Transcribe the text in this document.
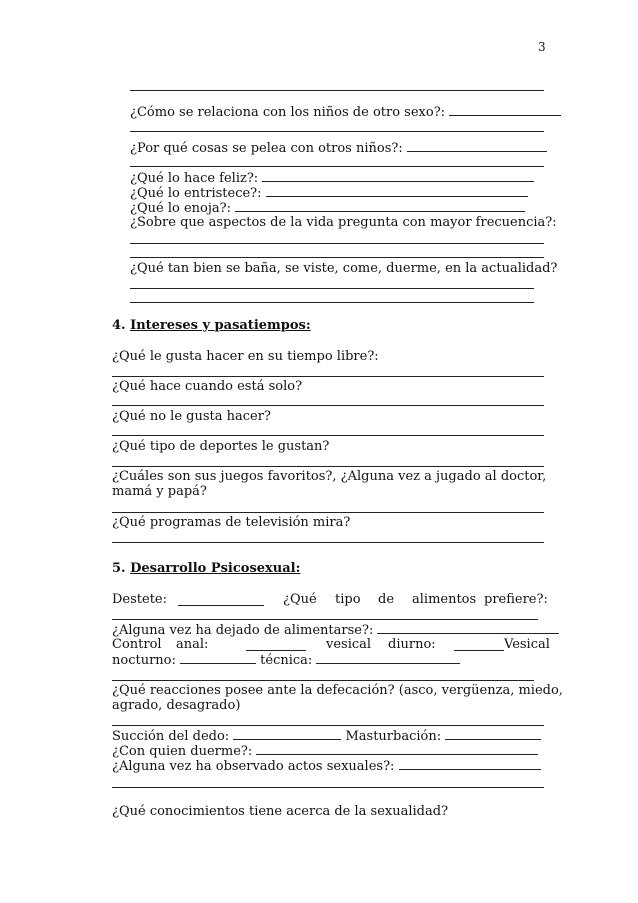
3
¿Cómo se relaciona con los niños de otro sexo?:
¿Por qué cosas se pelea con otros niños?:
¿Qué lo hace feliz?:
¿Qué lo entristece?:
¿Qué lo enoja?:
¿Sobre que aspectos de la vida pregunta con mayor frecuencia?:
¿Qué tan bien se baña, se viste, come, duerme, en la actualidad?
4. Intereses y pasatiempos:
¿Qué le gusta hacer en su tiempo libre?:
¿Qué hace cuando está solo?
¿Qué no le gusta hacer?
¿Qué tipo de deportes le gustan?
¿Cuáles son sus juegos favoritos?, ¿Alguna vez a jugado al doctor,
mamá y papá?
¿Qué programas de televisión mira?
5. Desarrollo Psicosexual:
Destete:	¿Qué tipo de alimentos prefiere?:
¿Alguna vez ha dejado de alimentarse?:
Control anal:	vesical diurno:	Vesical
nocturno:	técnica:
¿Qué reacciones posee ante la defecación? (asco, vergüenza, miedo,
agrado, desagrado)
Succión del dedo:	Masturbación:
¿Con quien duerme?:
¿Alguna vez ha observado actos sexuales?:
¿Qué conocimientos tiene acerca de la sexualidad?
